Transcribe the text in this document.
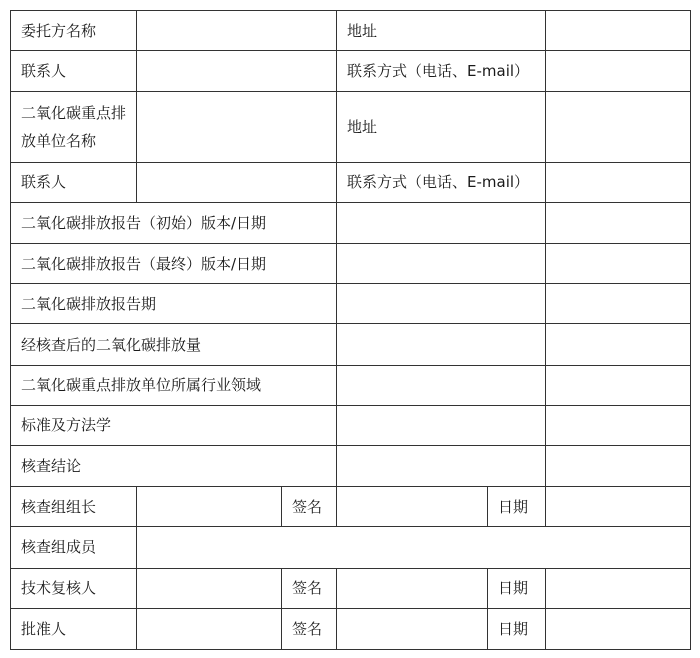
委托方名称			地址		
联系人			联系方式（电话、E-mail）		
二氧化碳重点排放单位名称			地址		
联系人			联系方式（电话、E-mail）		
二氧化碳排放报告（初始）版本/日期					
二氧化碳排放报告（最终）版本/日期					
二氧化碳排放报告期					
经核查后的二氧化碳排放量					
二氧化碳重点排放单位所属行业领域					
标准及方法学					
核查结论					
核查组组长		签名		日期	
核查组成员					
技术复核人		签名		日期	
批准人		签名		日期	
